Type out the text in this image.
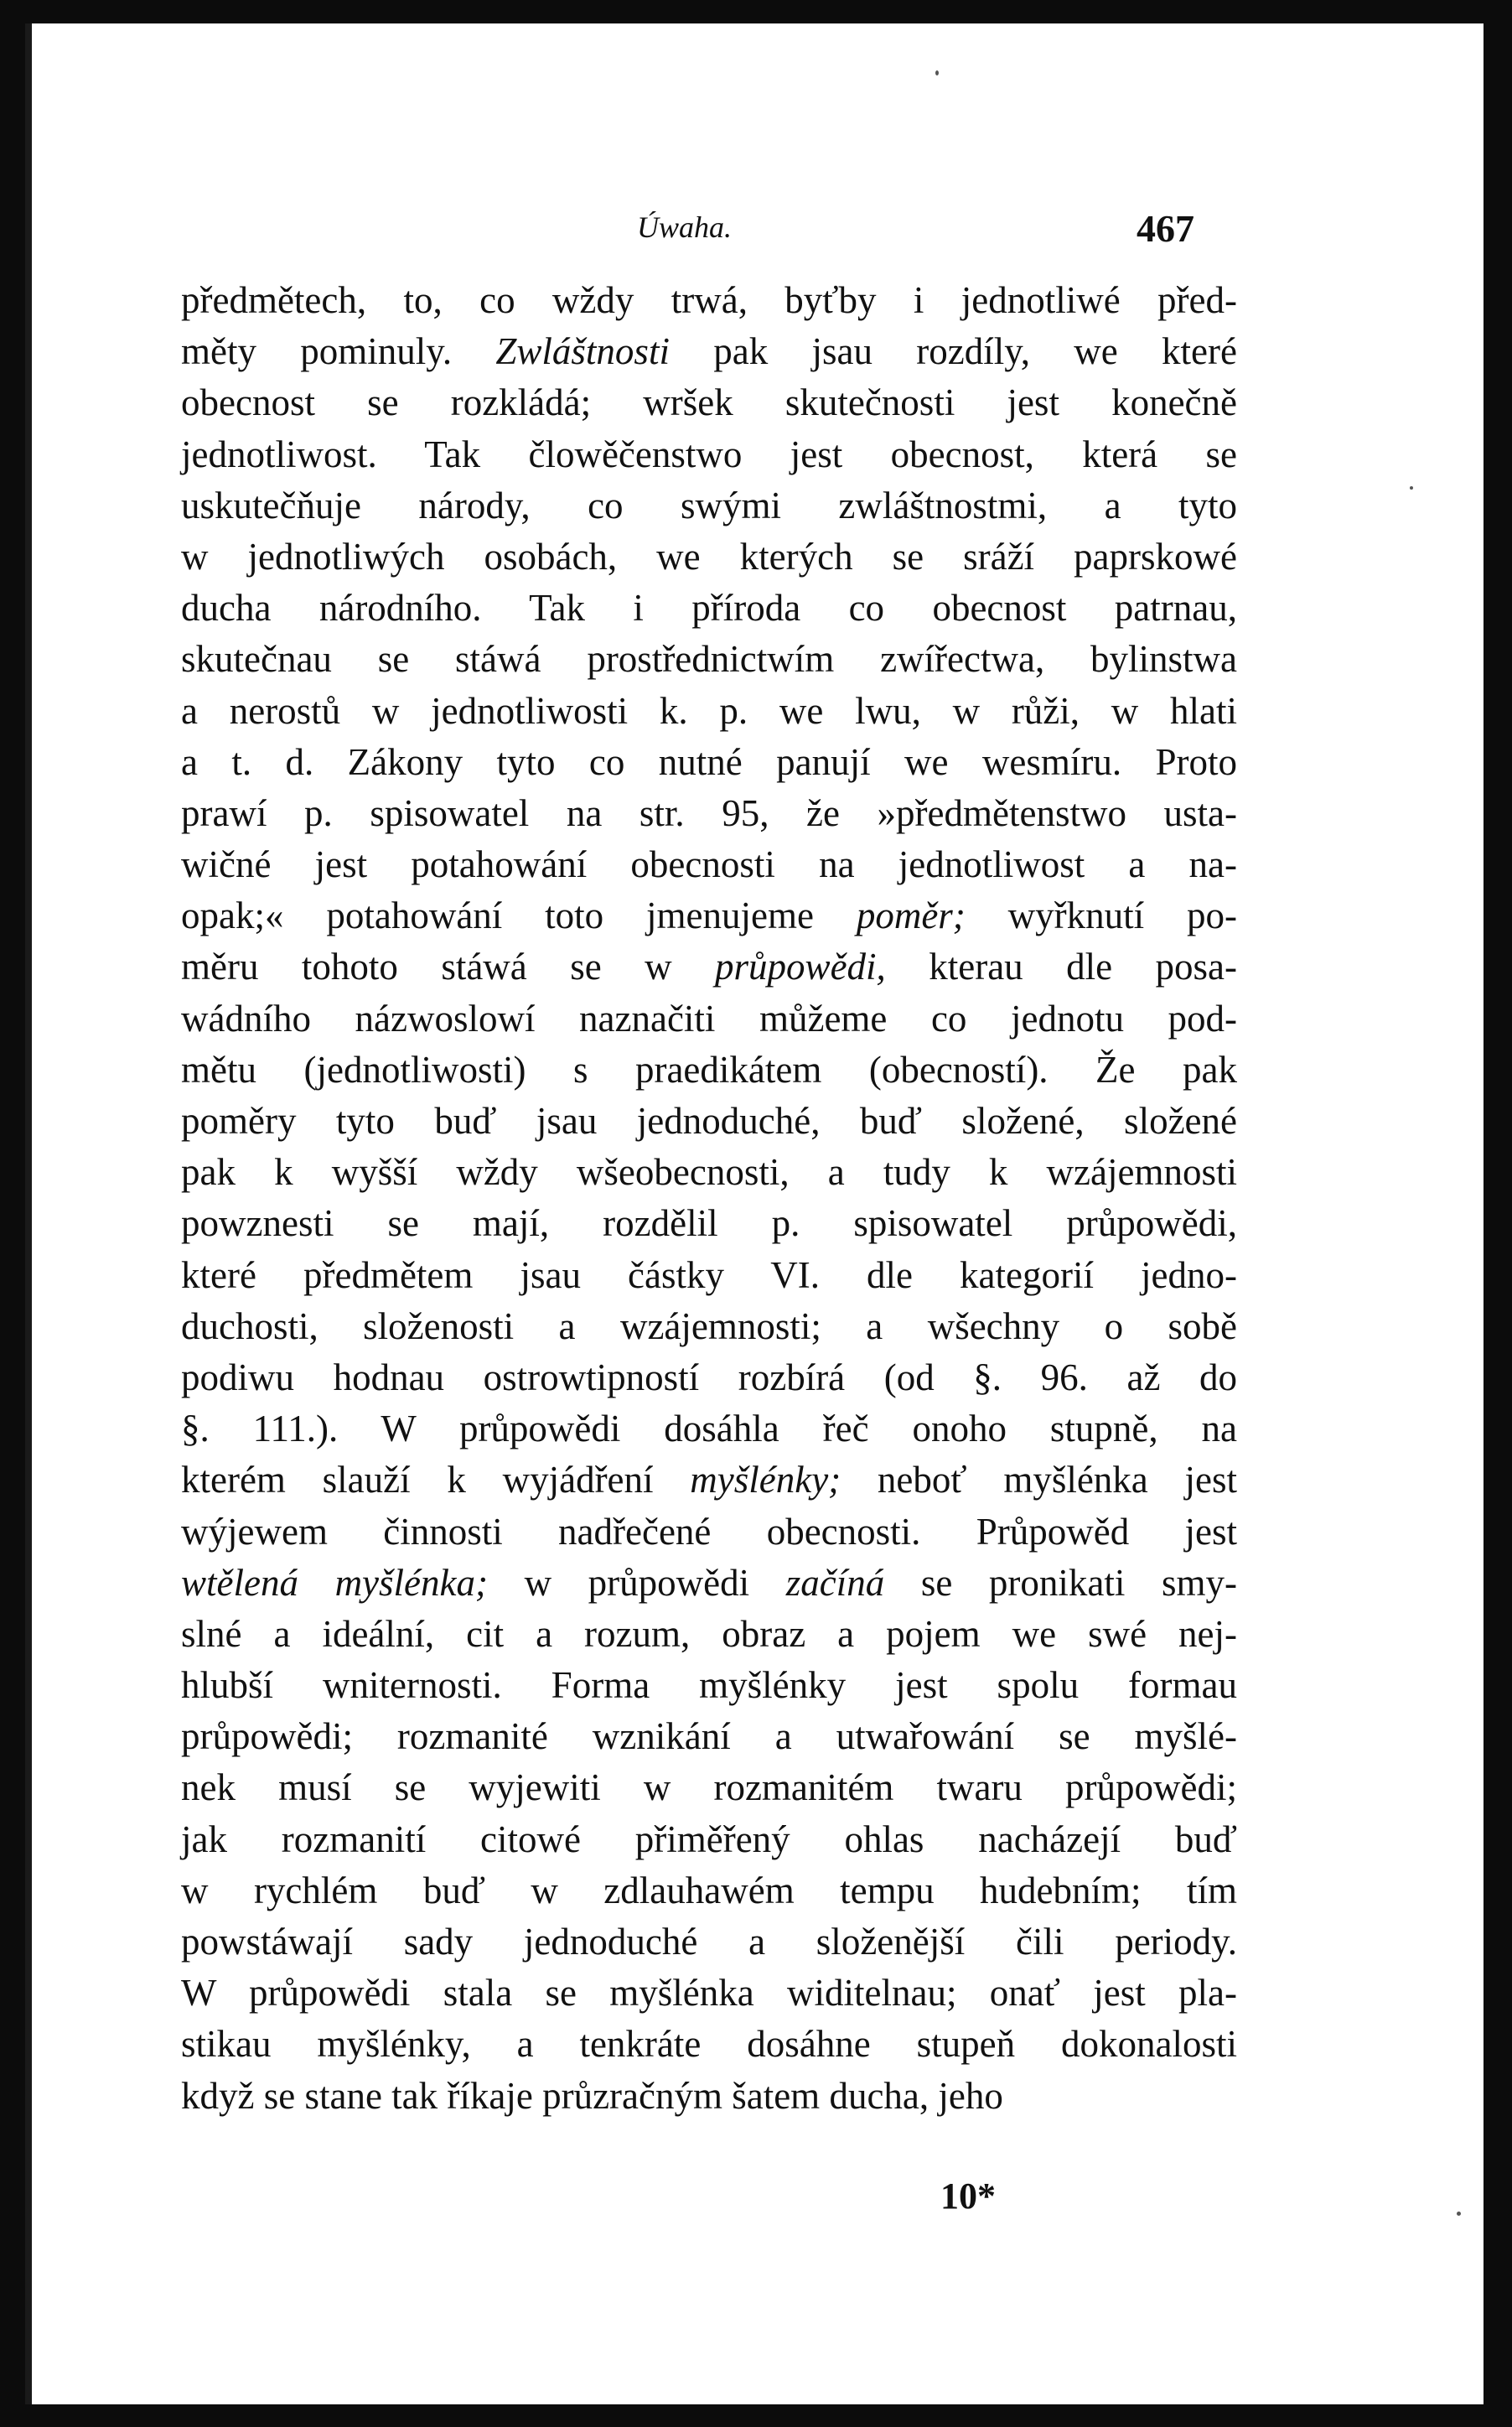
Úwaha.	467
předmětech, to, co wždy trwá, byťby i jednotliwé před-
měty pominuly. Zwláštnosti pak jsau rozdíly, we které
obecnost se rozkládá; wršek skutečnosti jest konečně
jednotliwost. Tak člowěčenstwo jest obecnost, která se
uskutečňuje národy, co swými zwláštnostmi, a tyto
w jednotliwých osobách, we kterých se sráží paprskowé
ducha národního. Tak i příroda co obecnost patrnau,
skutečnau se stáwá prostřednictwím zwířectwa, bylinstwa
a nerostů w jednotliwosti k. p. we lwu, w růži, w hlati
a t. d. Zákony tyto co nutné panují we wesmíru. Proto
prawí p. spisowatel na str. 95, že »předmětenstwo usta-
wičné jest potahowání obecnosti na jednotliwost a na-
opak;« potahowání toto jmenujeme poměr; wyřknutí po-
měru tohoto stáwá se w průpowědi, kterau dle posa-
wádního názwoslowí naznačiti můžeme co jednotu pod-
mětu (jednotliwosti) s praedikátem (obecností). Že pak
poměry tyto buď jsau jednoduché, buď složené, složené
pak k wyšší wždy wšeobecnosti, a tudy k wzájemnosti
powznesti se mají, rozdělil p. spisowatel průpowědi,
které předmětem jsau částky VI. dle kategorií jedno-
duchosti, složenosti a wzájemnosti; a wšechny o sobě
podiwu hodnau ostrowtipností rozbírá (od §. 96. až do
§. 111.). W průpowědi dosáhla řeč onoho stupně, na
kterém slauží k wyjádření myšlénky; neboť myšlénka jest
wýjewem činnosti nadřečené obecnosti. Průpowěd jest
wtělená myšlénka; w průpowědi začíná se pronikati smy-
slné a ideální, cit a rozum, obraz a pojem we swé nej-
hlubší wniternosti. Forma myšlénky jest spolu formau
průpowědi; rozmanité wznikání a utwařowání se myšlé-
nek musí se wyjewiti w rozmanitém twaru průpowědi;
jak rozmanití citowé přiměřený ohlas nacházejí buď
w rychlém buď w zdlauhawém tempu hudebním; tím
powstáwají sady jednoduché a složenější čili periody.
W průpowědi stala se myšlénka widitelnau; onať jest pla-
stikau myšlénky, a tenkráte dosáhne stupeň dokonalosti
když se stane tak říkaje průzračným šatem ducha, jeho
10*
